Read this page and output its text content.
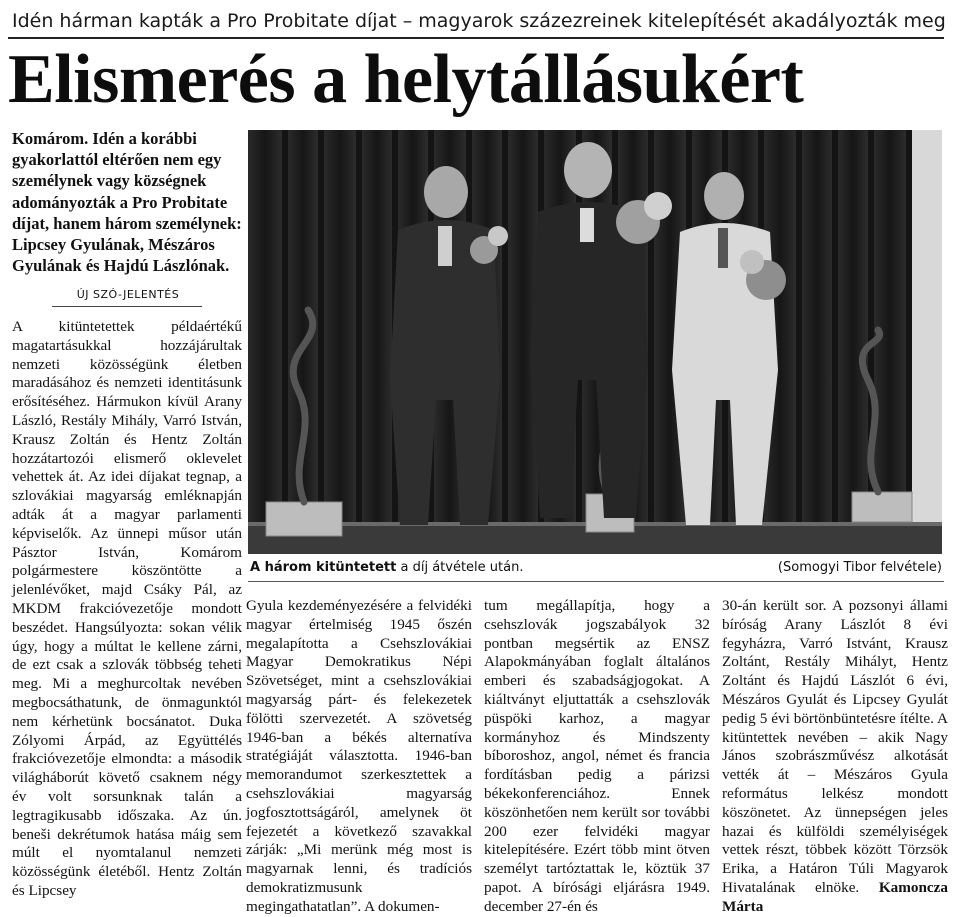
Idén hárman kapták a Pro Probitate díjat – magyarok százezreinek kitelepítését akadályozták meg
Elismerés a helytállásukért
Komárom. Idén a korábbi gyakorlattól eltérően nem egy személynek vagy községnek adományozták a Pro Probitate díjat, hanem három személynek: Lipcsey Gyulának, Mészáros Gyulának és Hajdú Lászlónak.
ÚJ SZÓ-JELENTÉS
A kitüntetettek példaértékű magatartásukkal hozzájárultak nemzeti közösségünk életben maradásához és nemzeti identitásunk erősítéséhez. Hármukon kívül Arany László, Restály Mihály, Varró István, Krausz Zoltán és Hentz Zoltán hozzátartozói elismerő oklevelet vehettek át. Az idei díjakat tegnap, a szlovákiai magyarság emléknapján adták át a magyar parlamenti képviselők. Az ünnepi műsor után Pásztor István, Komárom polgármestere köszöntötte a jelenlévőket, majd Csáky Pál, az MKDM frakcióvezetője mondott beszédet. Hangsúlyozta: sokan vélik úgy, hogy a múltat le kellene zárni, de ezt csak a szlovák többség teheti meg. Mi a meghurcoltak nevében megbocsáthatunk, de önmagunktól nem kérhetünk bocsánatot. Duka Zólyomi Árpád, az Együttélés frakcióvezetője elmondta: a második világháborút követő csaknem négy év volt sorsunknak talán a legtragikusabb időszaka. Az ún. beneši dekrétumok hatása máig sem múlt el nyomtalanul nemzeti közösségünk életéből. Hentz Zoltán és Lipcsey
Gyula kezdeményezésére a felvidéki magyar értelmiség 1945 őszén megalapította a Csehszlovákiai Magyar Demokratikus Népi Szövetséget, mint a csehszlovákiai magyarság párt- és felekezetek fölötti szervezetét. A szövetség 1946-ban a békés alternatíva stratégiáját választotta. 1946-ban memorandumot szerkesztettek a csehszlovákiai magyarság jogfosztottságáról, amelynek öt fejezetét a következő szavakkal zárják: „Mi merünk még most is magyarnak lenni, és tradíciós demokratizmusunk megingathatatlan”. A dokumen-
tum megállapítja, hogy a csehszlovák jogszabályok 32 pontban megsértik az ENSZ Alapokmányában foglalt általános emberi és szabadságjogokat. A kiáltványt eljuttatták a csehszlovák püspöki karhoz, a magyar kormányhoz és Mindszenty bíboroshoz, angol, német és francia fordításban pedig a párizsi békekonferenciához. Ennek köszönhetően nem került sor további 200 ezer felvidéki magyar kitelepítésére. Ezért több mint ötven személyt tartóztattak le, köztük 37 papot. A bírósági eljárásra 1949. december 27-én és
30-án került sor. A pozsonyi állami bíróság Arany Lászlót 8 évi fegyházra, Varró Istvánt, Krausz Zoltánt, Restály Mihályt, Hentz Zoltánt és Hajdú Lászlót 6 évi, Mészáros Gyulát és Lipcsey Gyulát pedig 5 évi börtönbüntetésre ítélte. A kitüntettek nevében – akik Nagy János szobrászművész alkotását vették át – Mészáros Gyula református lelkész mondott köszönetet. Az ünnepségen jeles hazai és külföldi személyiségek vettek részt, többek között Törzsök Erika, a Határon Túli Magyarok Hivatalának elnöke. Kamoncza Márta
A három kitüntetett a díj átvétele után.	(Somogyi Tibor felvétele)
